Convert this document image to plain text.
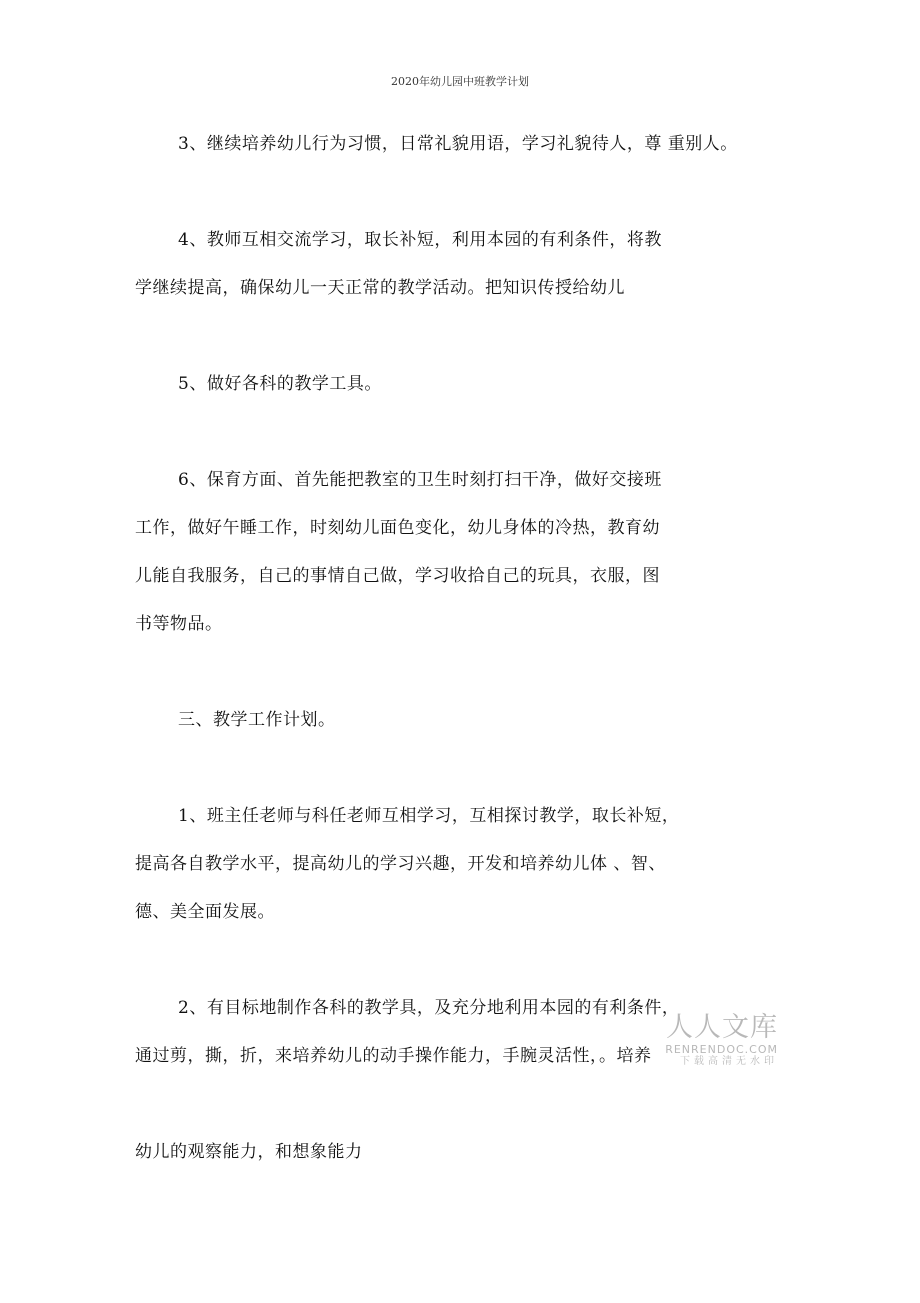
2020年幼儿园中班教学计划
3、继续培养幼儿行为习惯，日常礼貌用语，学习礼貌待人，尊 重别人。
4、教师互相交流学习，取长补短，利用本园的有利条件，将教
学继续提高，确保幼儿一天正常的教学活动。把知识传授给幼儿
5、做好各科的教学工具。
6、保育方面、首先能把教室的卫生时刻打扫干净，做好交接班
工作，做好午睡工作，时刻幼儿面色变化，幼儿身体的冷热，教育幼
儿能自我服务，自己的事情自己做，学习收拾自己的玩具，衣服，图
书等物品。
三、教学工作计划。
1、班主任老师与科任老师互相学习，互相探讨教学，取长补短，
提高各自教学水平，提高幼儿的学习兴趣，开发和培养幼儿体 、智、
德、美全面发展。
2、有目标地制作各科的教学具，及充分地利用本园的有利条件，
通过剪，撕，折，来培养幼儿的动手操作能力，手腕灵活性，。培养
幼儿的观察能力，和想象能力
人人文库
RENRENDOC.COM
下载高清无水印
